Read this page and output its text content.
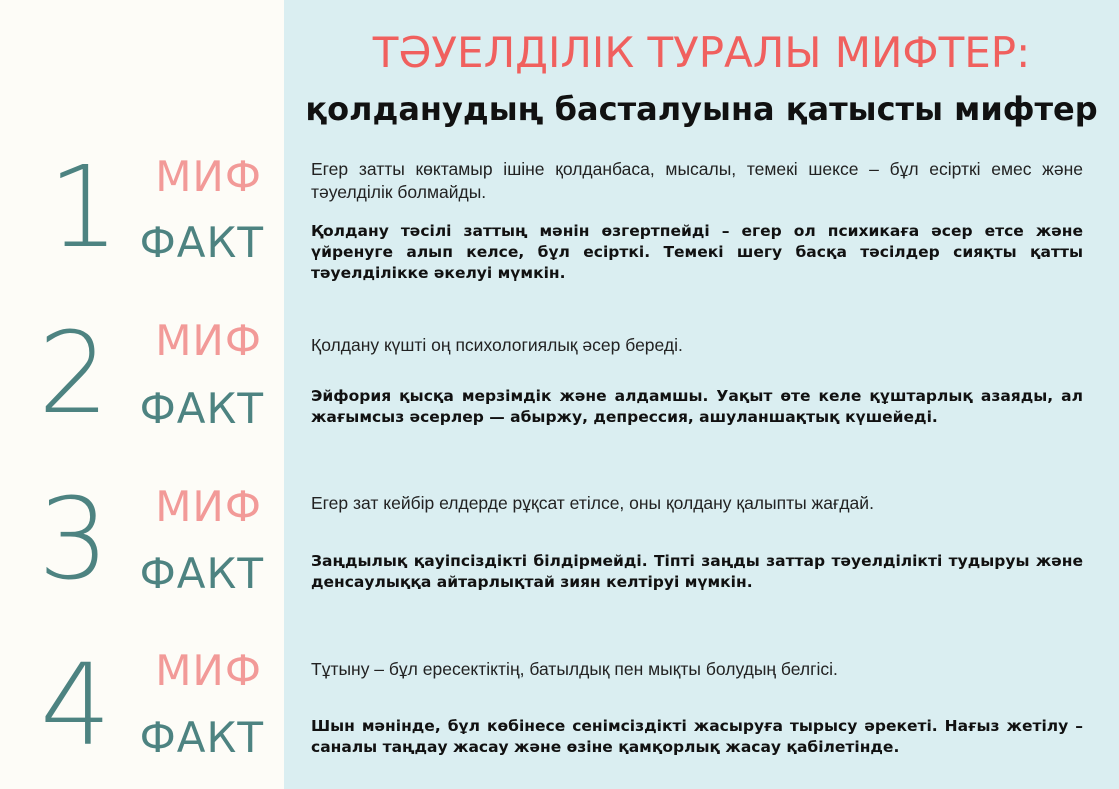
ТӘУЕЛДІЛІК ТУРАЛЫ МИФТЕР:
қолданудың басталуына қатысты мифтер
1 МИФ
ФАКТ

Егер затты көктамыр ішіне қолданбаса, мысалы, темекі шексе – бұл есірткі емес және тәуелділік болмайды.

Қолдану тәсілі заттың мәнін өзгертпейді – егер ол психикаға әсер етсе және үйренуге алып келсе, бұл есірткі. Темекі шегу басқа тәсілдер сияқты қатты тәуелділікке әкелуі мүмкін.

2	МИФ
ФАКТ

Қолдану күшті оң психологиялық әсер береді.

Эйфория қысқа мерзімдік және алдамшы. Уақыт өте келе құштарлық азаяды, ал жағымсыз әсерлер — абыржу, депрессия, ашуланшақтық күшейеді.

3	МИФ
ФАКТ

Егер зат кейбір елдерде рұқсат етілсе, оны қолдану қалыпты жағдай.

Заңдылық қауіпсіздікті білдірмейді. Тіпті заңды заттар тәуелділікті тудыруы және денсаулыққа айтарлықтай зиян келтіруі мүмкін.

4	МИФ
ФАКТ

Тұтыну – бұл ересектіктің, батылдық пен мықты болудың белгісі.

Шын мәнінде, бұл көбінесе сенімсіздікті жасыруға тырысу әрекеті. Нағыз жетілу – саналы таңдау жасау және өзіне қамқорлық жасау қабілетінде.
